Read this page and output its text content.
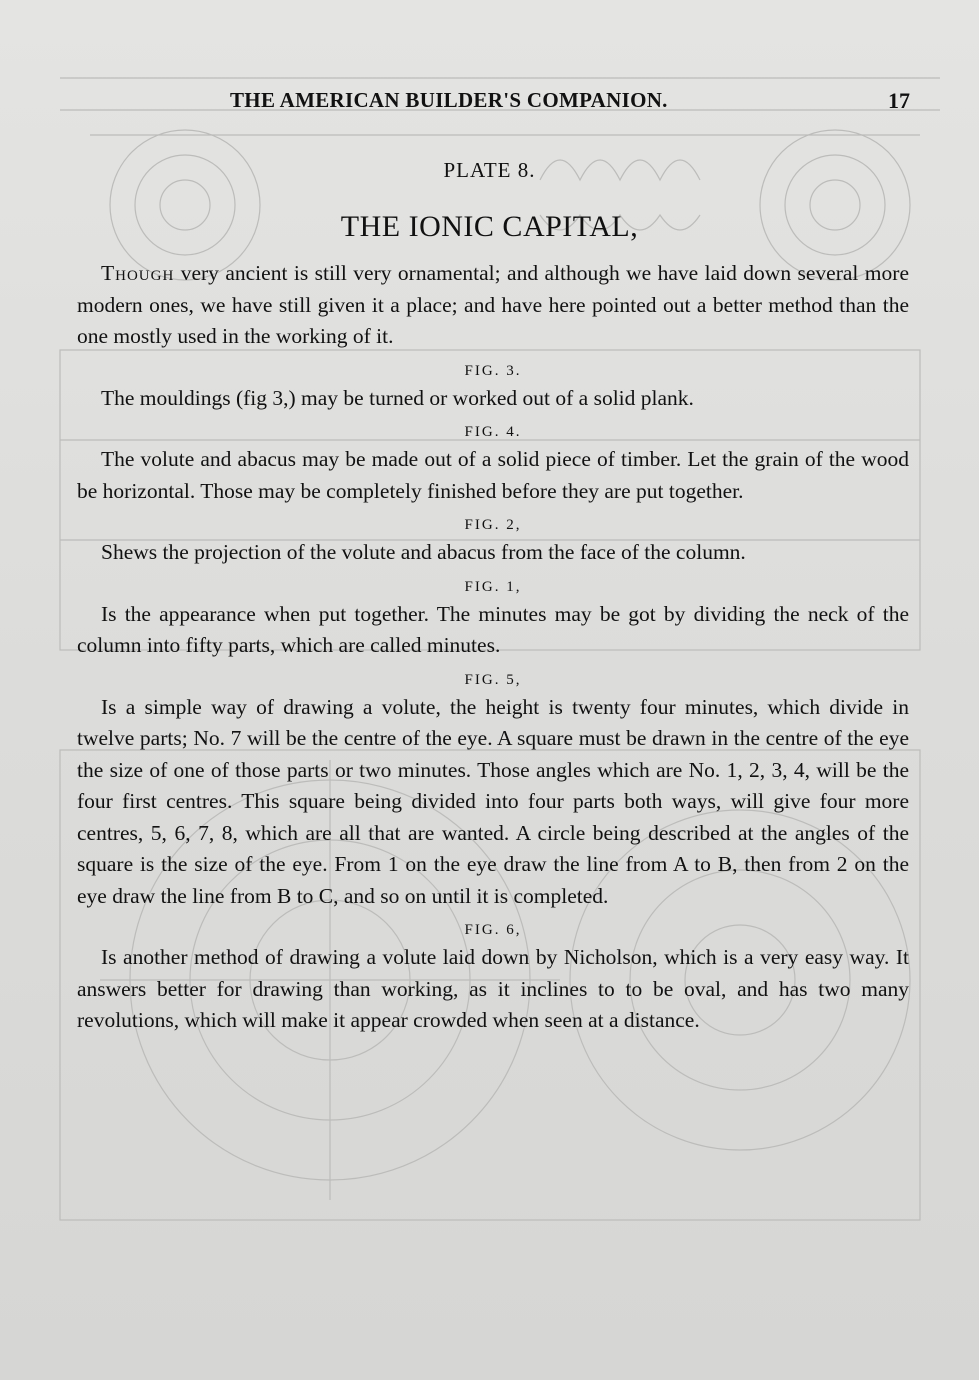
THE AMERICAN BUILDER'S COMPANION.	17
PLATE 8.
THE IONIC CAPITAL,

Though very ancient is still very ornamental; and although we have laid down several more modern ones, we have still given it a place; and have here pointed out a better method than the one mostly used in the working of it.

FIG. 3.

The mouldings (fig 3,) may be turned or worked out of a solid plank.

FIG. 4.

The volute and abacus may be made out of a solid piece of timber. Let the grain of the wood be horizontal. Those may be completely finished before they are put together.

FIG. 2,

Shews the projection of the volute and abacus from the face of the column.

FIG. 1,

Is the appearance when put together. The minutes may be got by dividing the neck of the column into fifty parts, which are called minutes.

FIG. 5,

Is a simple way of drawing a volute, the height is twenty four minutes, which divide in twelve parts; No. 7 will be the centre of the eye. A square must be drawn in the centre of the eye the size of one of those parts or two minutes. Those angles which are No. 1, 2, 3, 4, will be the four first centres. This square being divided into four parts both ways, will give four more centres, 5, 6, 7, 8, which are all that are wanted. A circle being described at the angles of the square is the size of the eye. From 1 on the eye draw the line from A to B, then from 2 on the eye draw the line from B to C, and so on until it is completed.

FIG. 6,

Is another method of drawing a volute laid down by Nicholson, which is a very easy way. It answers better for drawing than working, as it inclines to to be oval, and has two many revolutions, which will make it appear crowded when seen at a distance.
